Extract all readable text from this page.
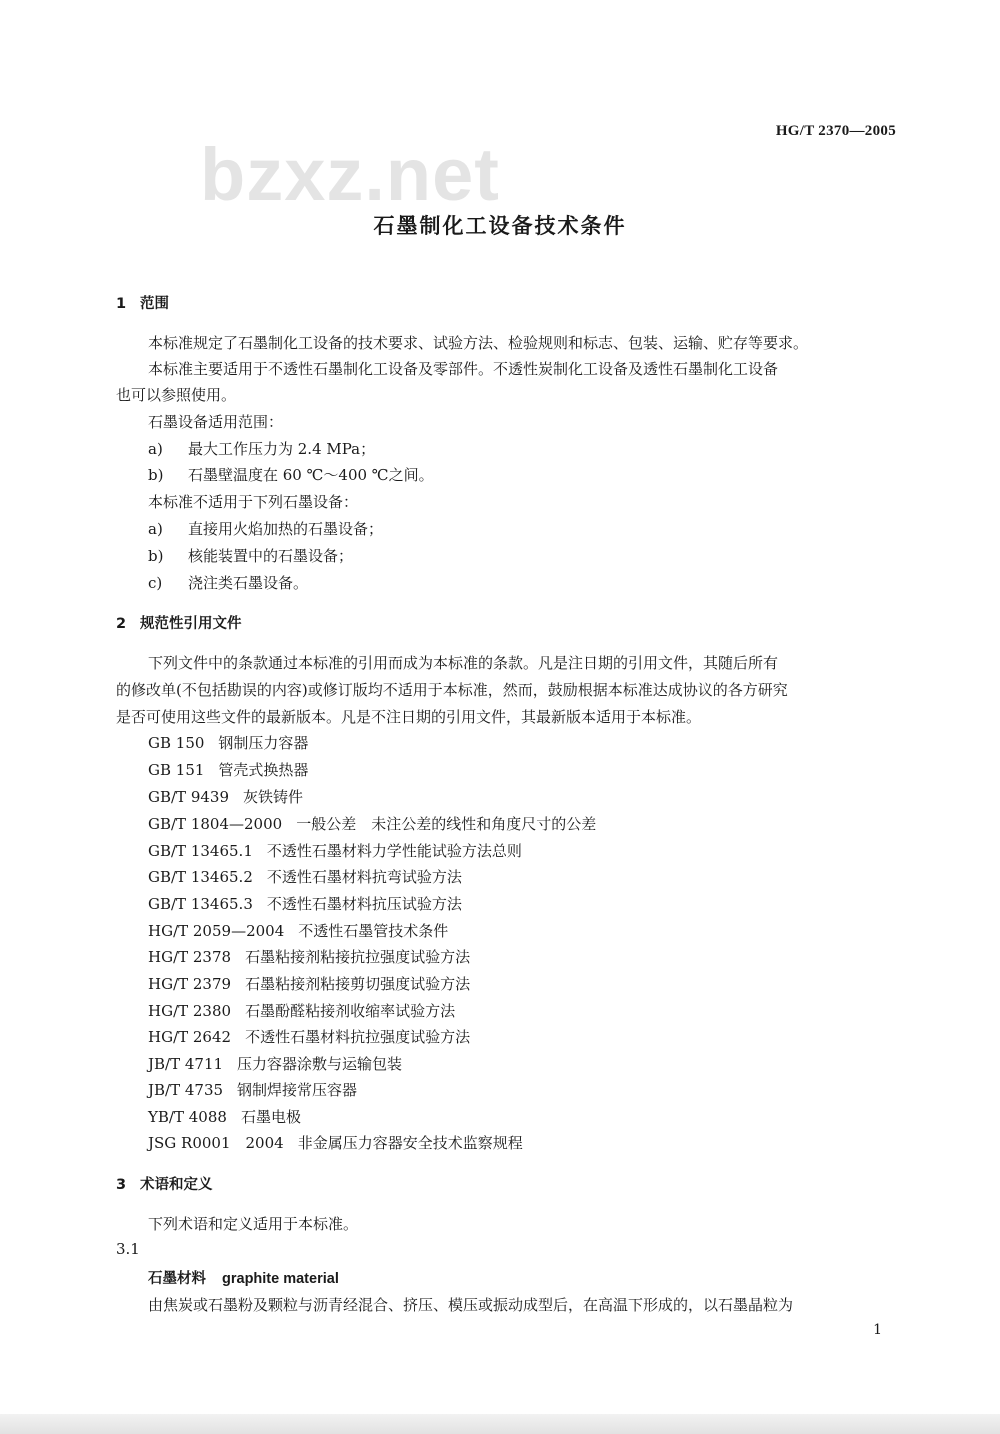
bzxz.net
HG/T 2370—2005
石墨制化工设备技术条件
1 范围
本标准规定了石墨制化工设备的技术要求、试验方法、检验规则和标志、包装、运输、贮存等要求。
本标准主要适用于不透性石墨制化工设备及零部件。不透性炭制化工设备及透性石墨制化工设备
也可以参照使用。
石墨设备适用范围：
a) 最大工作压力为 2.4 MPa；
b) 石墨壁温度在 60 ℃～400 ℃之间。
本标准不适用于下列石墨设备：
a) 直接用火焰加热的石墨设备；
b) 核能装置中的石墨设备；
c) 浇注类石墨设备。
2 规范性引用文件
下列文件中的条款通过本标准的引用而成为本标准的条款。凡是注日期的引用文件，其随后所有
的修改单(不包括勘误的内容)或修订版均不适用于本标准，然而，鼓励根据本标准达成协议的各方研究
是否可使用这些文件的最新版本。凡是不注日期的引用文件，其最新版本适用于本标准。
GB 150 钢制压力容器
GB 151 管壳式换热器
GB/T 9439 灰铁铸件
GB/T 1804—2000 一般公差　未注公差的线性和角度尺寸的公差
GB/T 13465.1 不透性石墨材料力学性能试验方法总则
GB/T 13465.2 不透性石墨材料抗弯试验方法
GB/T 13465.3 不透性石墨材料抗压试验方法
HG/T 2059—2004 不透性石墨管技术条件
HG/T 2378 石墨粘接剂粘接抗拉强度试验方法
HG/T 2379 石墨粘接剂粘接剪切强度试验方法
HG/T 2380 石墨酚醛粘接剂收缩率试验方法
HG/T 2642 不透性石墨材料抗拉强度试验方法
JB/T 4711 压力容器涂敷与运输包装
JB/T 4735 钢制焊接常压容器
YB/T 4088 石墨电极
JSG R0001　2004 非金属压力容器安全技术监察规程
3 术语和定义
下列术语和定义适用于本标准。
3.1
石墨材料 graphite material
由焦炭或石墨粉及颗粒与沥青经混合、挤压、模压或振动成型后，在高温下形成的，以石墨晶粒为
1
